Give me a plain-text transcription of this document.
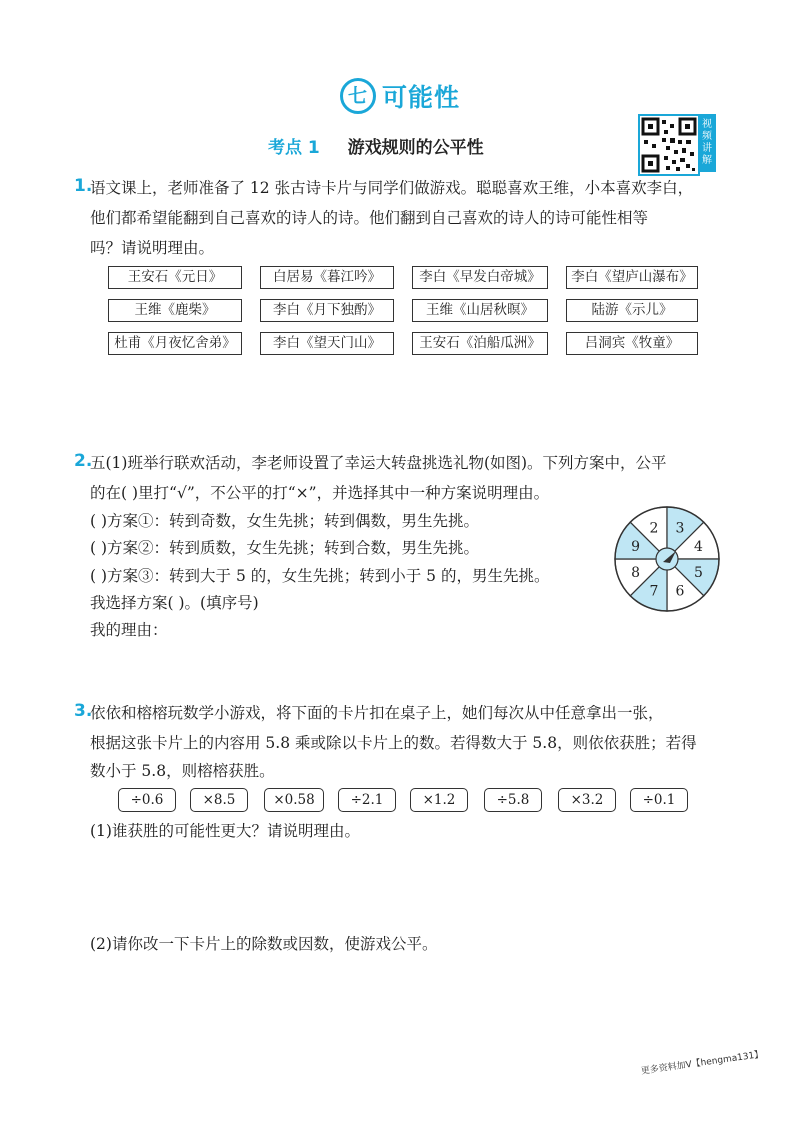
七 可能性
考点 1 游戏规则的公平性
视
频
讲
解
1.
语文课上，老师准备了 12 张古诗卡片与同学们做游戏。聪聪喜欢王维，小本喜欢李白，
他们都希望能翻到自己喜欢的诗人的诗。他们翻到自己喜欢的诗人的诗可能性相等
吗？请说明理由。
王安石《元日》	白居易《暮江吟》	李白《早发白帝城》	李白《望庐山瀑布》
王维《鹿柴》	李白《月下独酌》	王维《山居秋暝》	陆游《示儿》
杜甫《月夜忆舍弟》	李白《望天门山》	王安石《泊船瓜洲》	吕洞宾《牧童》
2.
五(1)班举行联欢活动，李老师设置了幸运大转盘挑选礼物(如图)。下列方案中，公平
的在( )里打“√”，不公平的打“×”，并选择其中一种方案说明理由。
( )方案①：转到奇数，女生先挑；转到偶数，男生先挑。
( )方案②：转到质数，女生先挑；转到合数，男生先挑。
( )方案③：转到大于 5 的，女生先挑；转到小于 5 的，男生先挑。
我选择方案( )。(填序号)
我的理由：
2 3
4
5
6
7
8
9
3.
依依和榕榕玩数学小游戏，将下面的卡片扣在桌子上，她们每次从中任意拿出一张，
根据这张卡片上的内容用 5.8 乘或除以卡片上的数。若得数大于 5.8，则依依获胜；若得
数小于 5.8，则榕榕获胜。
÷0.6	×8.5	×0.58	÷2.1	×1.2	÷5.8	×3.2	÷0.1
(1)谁获胜的可能性更大？请说明理由。
(2)请你改一下卡片上的除数或因数，使游戏公平。
更多资料加V【hengma131】
